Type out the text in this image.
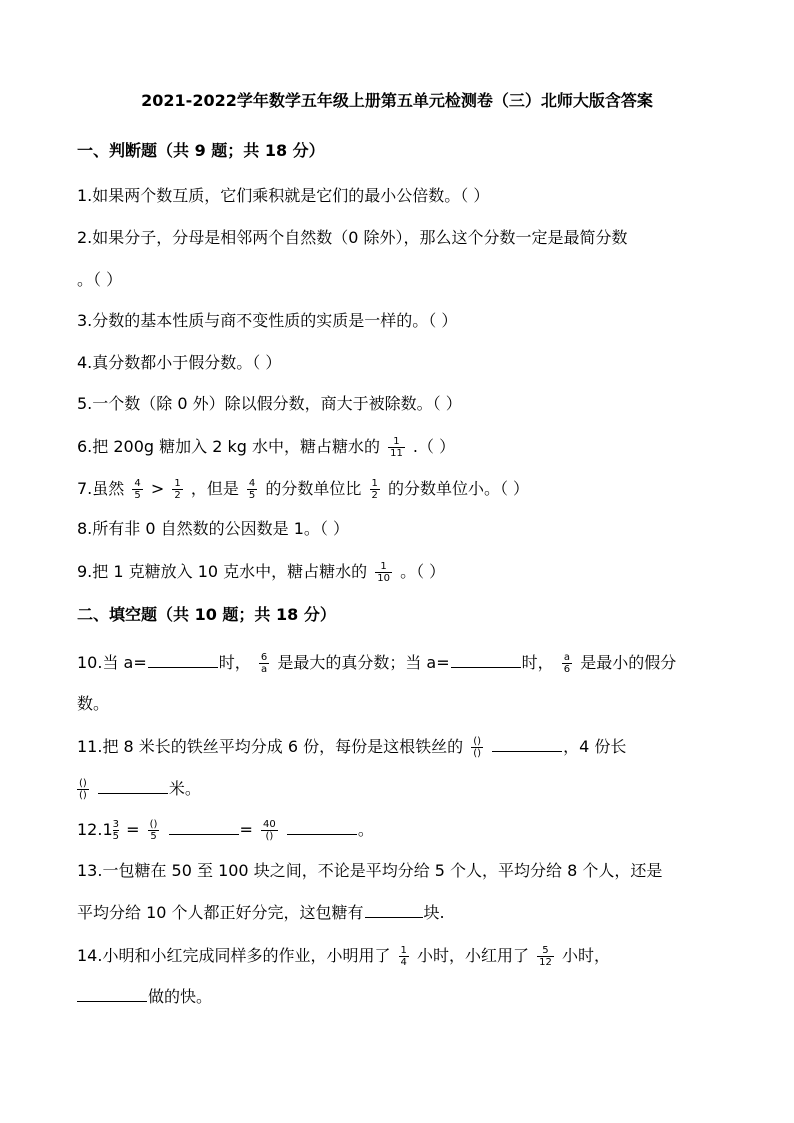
2021-2022学年数学五年级上册第五单元检测卷（三）北师大版含答案
一、判断题（共 9 题；共 18 分）
1.如果两个数互质，它们乘积就是它们的最小公倍数。（ ）
2.如果分子，分母是相邻两个自然数（0 除外），那么这个分数一定是最简分数
。（ ）
3.分数的基本性质与商不变性质的实质是一样的。（ ）
4.真分数都小于假分数。（ ）
5.一个数（除 0 外）除以假分数，商大于被除数。（ ）
6.把 200g 糖加入 2 kg 水中，糖占糖水的 $\frac{1}{11}$ .（ ）
7.虽然 $\frac{4}{5} > \frac{1}{2}$ ，但是 $\frac{4}{5}$ 的分数单位比 $\frac{1}{2}$ 的分数单位小。（ ）
8.所有非 0 自然数的公因数是 1。（ ）
9.把 1 克糖放入 10 克水中，糖占糖水的 $\frac{1}{10}$ 。（ ）
二、填空题（共 10 题；共 18 分）
10.当 a=	时， $\frac{6}{a}$ 是最大的真分数；当 a=	时， $\frac{a}{6}$ 是最小的假分
数。
11.把 8 米长的铁丝平均分成 6 份，每份是这根铁丝的 $\frac{()}{()}$	，4 份长
$\frac{()}{()}$	米。
$12.1 \frac{3}{5} = \frac{()}{5}$	= $\frac{40}{()}$	。
13.一包糖在 50 至 100 块之间，不论是平均分给 5 个人，平均分给 8 个人，还是
平均分给 10 个人都正好分完，这包糖有	块.
14.小明和小红完成同样多的作业，小明用了 $\frac{1}{4}$ 小时，小红用了 $\frac{5}{12}$ 小时，
做的快。
